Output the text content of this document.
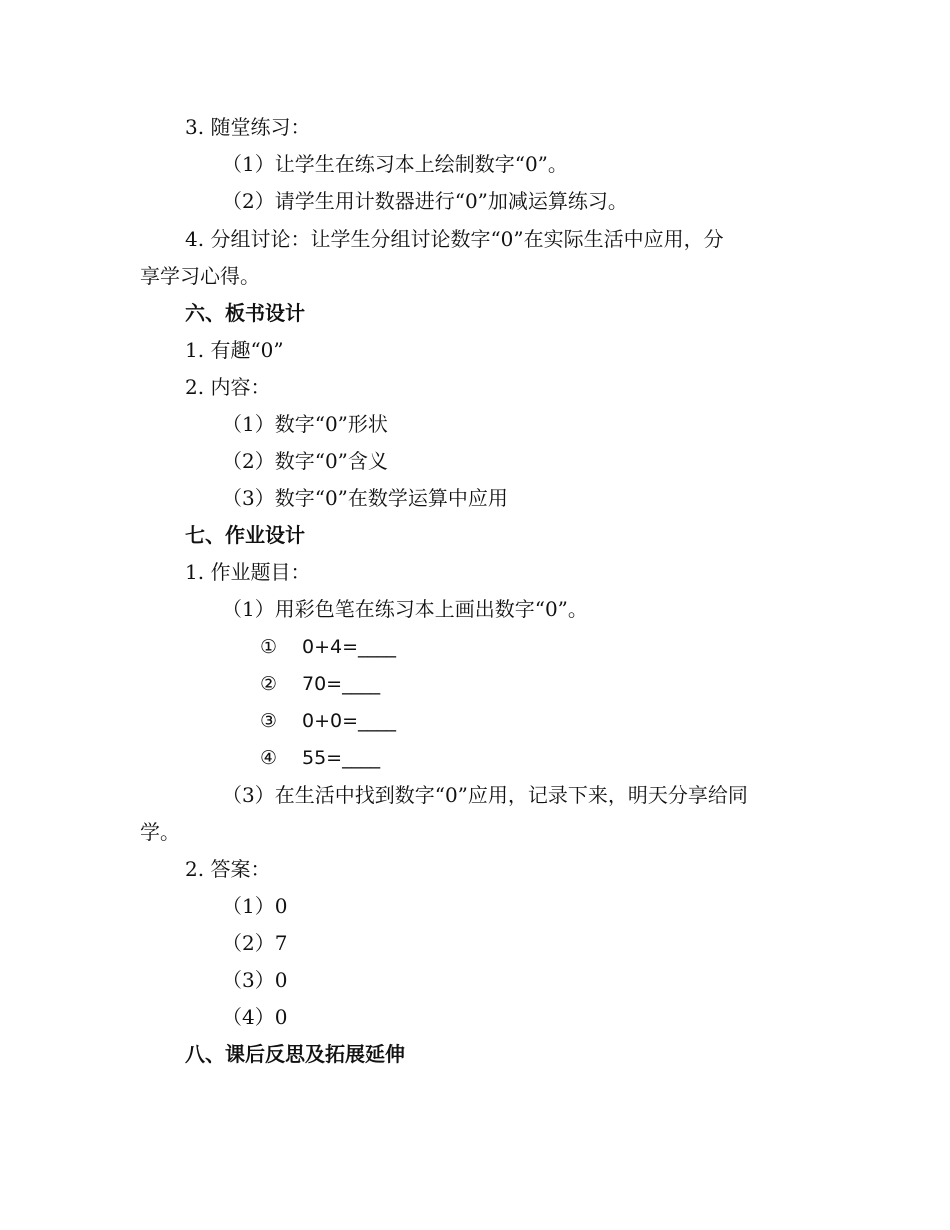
3. 随堂练习：
（1）让学生在练习本上绘制数字“0”。
（2）请学生用计数器进行“0”加减运算练习。
4. 分组讨论：让学生分组讨论数字“0”在实际生活中应用，分
享学习心得。
六、板书设计
1. 有趣“0”
2. 内容：
（1）数字“0”形状
（2）数字“0”含义
（3）数字“0”在数学运算中应用
七、作业设计
1. 作业题目：
（1）用彩色笔在练习本上画出数字“0”。
① 0+4=____
② 70=____
③ 0+0=____
④ 55=____
（3）在生活中找到数字“0”应用，记录下来，明天分享给同
学。
2. 答案：
（1）0
（2）7
（3）0
（4）0
八、课后反思及拓展延伸
